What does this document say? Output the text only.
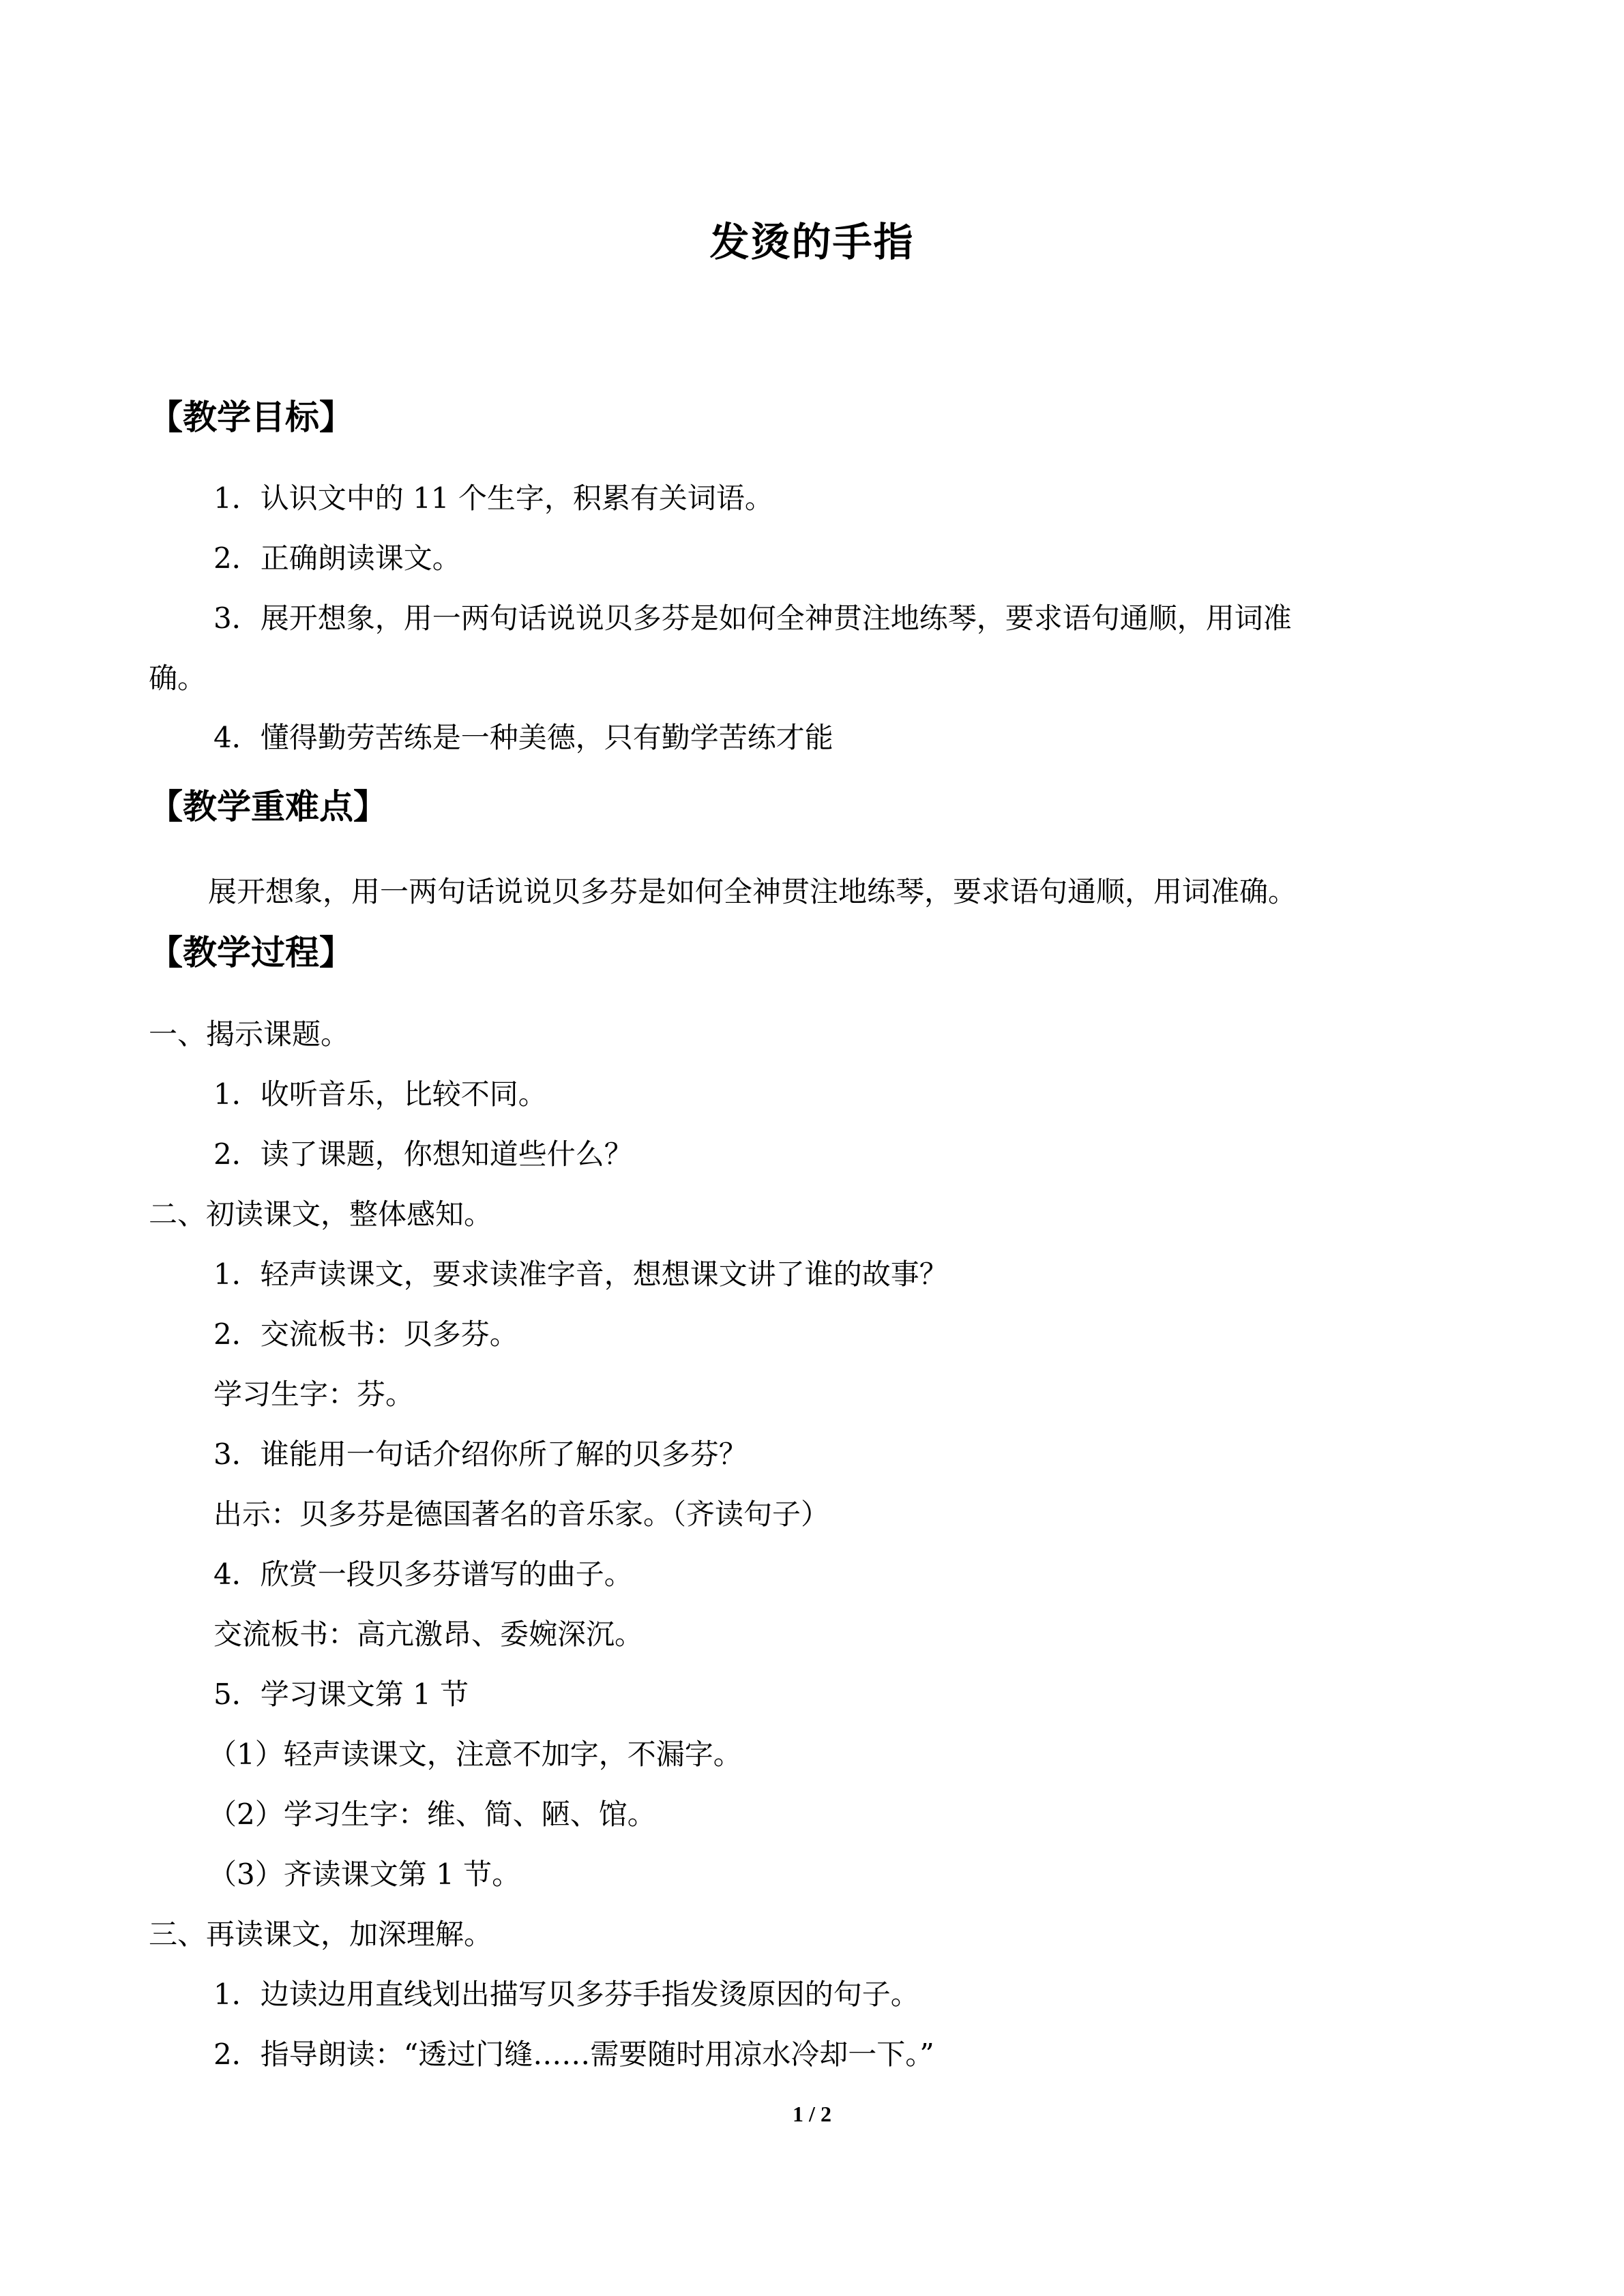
发烫的手指
【教学目标】
1．认识文中的 11 个生字，积累有关词语。
2．正确朗读课文。
3．展开想象，用一两句话说说贝多芬是如何全神贯注地练琴，要求语句通顺，用词准
确。
4．懂得勤劳苦练是一种美德，只有勤学苦练才能
【教学重难点】
展开想象，用一两句话说说贝多芬是如何全神贯注地练琴，要求语句通顺，用词准确。
【教学过程】
一、揭示课题。
1．收听音乐，比较不同。
2．读了课题，你想知道些什么？
二、初读课文，整体感知。
1．轻声读课文，要求读准字音，想想课文讲了谁的故事？
2．交流板书：贝多芬。
学习生字：芬。
3．谁能用一句话介绍你所了解的贝多芬？
出示：贝多芬是德国著名的音乐家。（齐读句子）
4．欣赏一段贝多芬谱写的曲子。
交流板书：高亢激昂、委婉深沉。
5．学习课文第 1 节
（1）轻声读课文，注意不加字，不漏字。
（2）学习生字：维、简、陋、馆。
（3）齐读课文第 1 节。
三、再读课文，加深理解。
1．边读边用直线划出描写贝多芬手指发烫原因的句子。
2．指导朗读：“透过门缝……需要随时用凉水冷却一下。”
1 / 2
